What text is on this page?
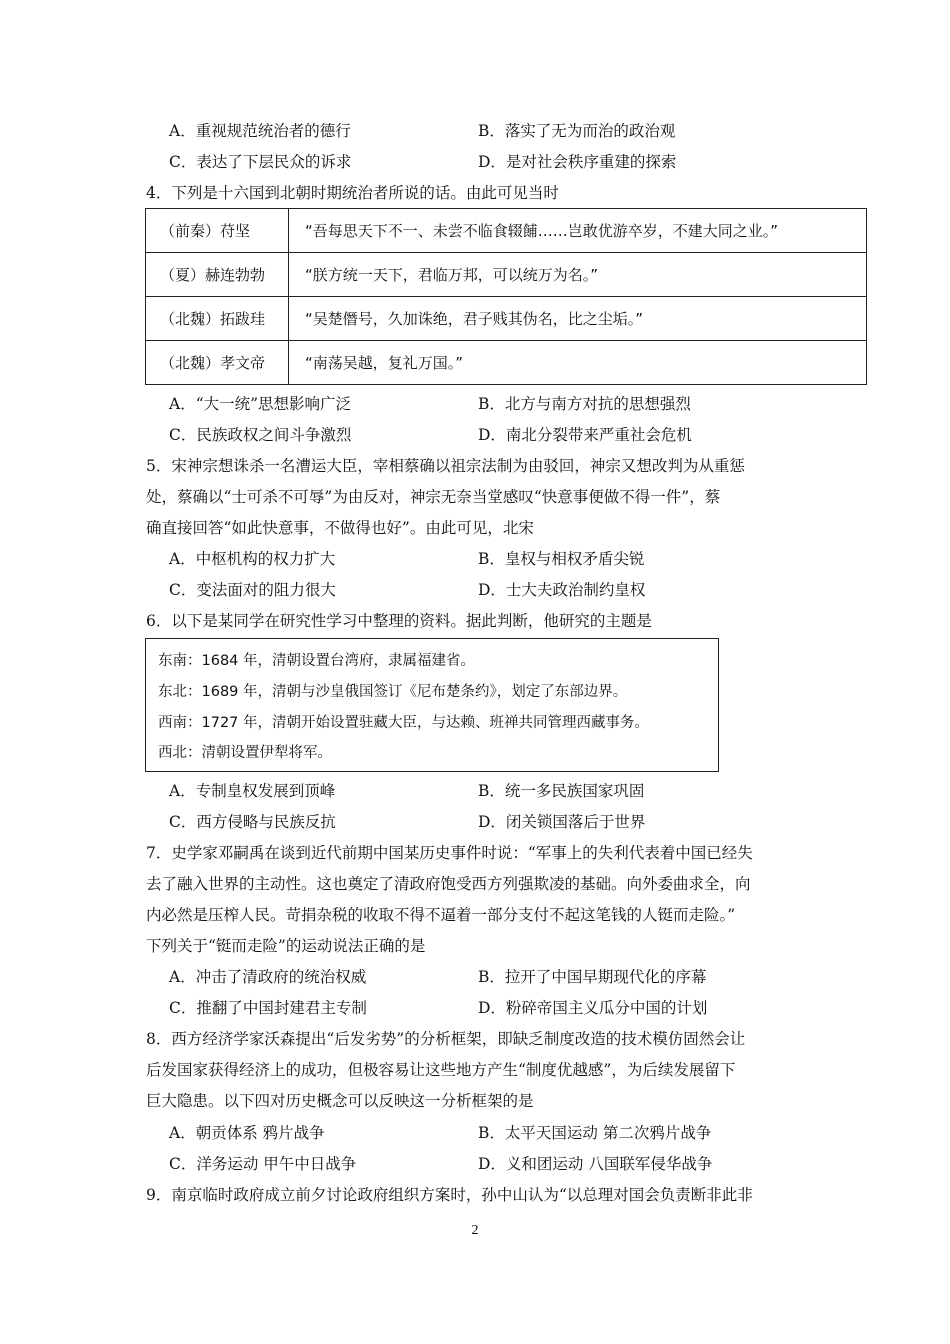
A．重视规范统治者的德行	B．落实了无为而治的政治观
C．表达了下层民众的诉求	D．是对社会秩序重建的探索
4．下列是十六国到北朝时期统治者所说的话。由此可见当时
（前秦）苻坚	“吾每思天下不一、未尝不临食辍餔……岂敢优游卒岁，不建大同之业。”
（夏）赫连勃勃	“朕方统一天下，君临万邦，可以统万为名。”
（北魏）拓跋珪	“吴楚僭号，久加诛绝，君子贱其伪名，比之尘垢。”
（北魏）孝文帝	“南荡吴越，复礼万国。”
A．“大一统”思想影响广泛	B．北方与南方对抗的思想强烈
C．民族政权之间斗争激烈	D．南北分裂带来严重社会危机
5．宋神宗想诛杀一名漕运大臣，宰相蔡确以祖宗法制为由驳回，神宗又想改判为从重惩
处，蔡确以“士可杀不可辱”为由反对，神宗无奈当堂感叹“快意事便做不得一件”，蔡
确直接回答“如此快意事，不做得也好”。由此可见，北宋
A．中枢机构的权力扩大	B．皇权与相权矛盾尖锐
C．变法面对的阻力很大	D．士大夫政治制约皇权
6．以下是某同学在研究性学习中整理的资料。据此判断，他研究的主题是
东南：1684 年，清朝设置台湾府，隶属福建省。
东北：1689 年，清朝与沙皇俄国签订《尼布楚条约》，划定了东部边界。
西南：1727 年，清朝开始设置驻藏大臣，与达赖、班禅共同管理西藏事务。
西北：清朝设置伊犁将军。
A．专制皇权发展到顶峰	B．统一多民族国家巩固
C．西方侵略与民族反抗	D．闭关锁国落后于世界
7．史学家邓嗣禹在谈到近代前期中国某历史事件时说：“军事上的失利代表着中国已经失
去了融入世界的主动性。这也奠定了清政府饱受西方列强欺凌的基础。向外委曲求全，向
内必然是压榨人民。苛捐杂税的收取不得不逼着一部分支付不起这笔钱的人铤而走险。”
下列关于“铤而走险”的运动说法正确的是
A．冲击了清政府的统治权威	B．拉开了中国早期现代化的序幕
C．推翻了中国封建君主专制	D．粉碎帝国主义瓜分中国的计划
8．西方经济学家沃森提出“后发劣势”的分析框架，即缺乏制度改造的技术模仿固然会让
后发国家获得经济上的成功，但极容易让这些地方产生“制度优越感”，为后续发展留下
巨大隐患。以下四对历史概念可以反映这一分析框架的是
A．朝贡体系 鸦片战争	B．太平天国运动 第二次鸦片战争
C．洋务运动 甲午中日战争	D．义和团运动 八国联军侵华战争
9．南京临时政府成立前夕讨论政府组织方案时，孙中山认为“以总理对国会负责断非此非
2
